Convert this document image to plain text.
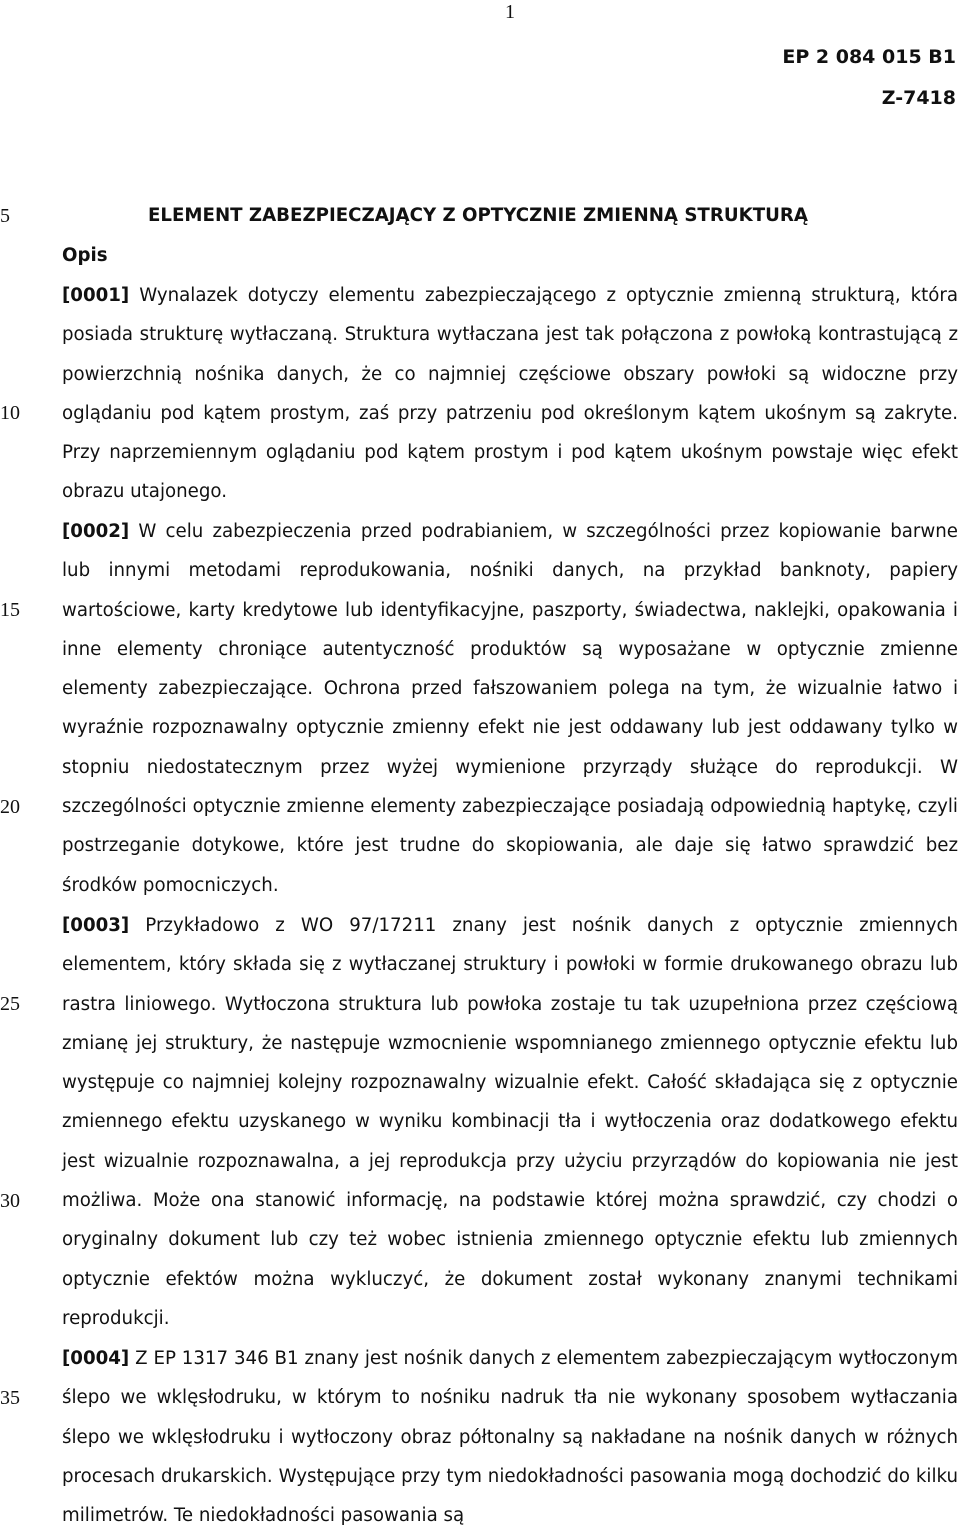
1
EP 2 084 015 B1
Z-7418
5
10
15
20
25
30
35
ELEMENT ZABEZPIECZAJĄCY Z OPTYCZNIE ZMIENNĄ STRUKTURĄ
Opis
[0001] Wynalazek dotyczy elementu zabezpieczającego z optycznie zmienną strukturą, która posiada strukturę wytłaczaną. Struktura wytłaczana jest tak połączona z powłoką kontrastującą z powierzchnią nośnika danych, że co najmniej częściowe obszary powłoki są widoczne przy oglądaniu pod kątem prostym, zaś przy patrzeniu pod określonym kątem ukośnym są zakryte. Przy naprzemiennym oglądaniu pod kątem prostym i pod kątem ukośnym powstaje więc efekt obrazu utajonego.
[0002] W celu zabezpieczenia przed podrabianiem, w szczególności przez kopiowanie barwne lub innymi metodami reprodukowania, nośniki danych, na przykład banknoty, papiery wartościowe, karty kredytowe lub identyfikacyjne, paszporty, świadectwa, naklejki, opakowania i inne elementy chroniące autentyczność produktów są wyposażane w optycznie zmienne elementy zabezpieczające. Ochrona przed fałszowaniem polega na tym, że wizualnie łatwo i wyraźnie rozpoznawalny optycznie zmienny efekt nie jest oddawany lub jest oddawany tylko w stopniu niedostatecznym przez wyżej wymienione przyrządy służące do reprodukcji. W szczególności optycznie zmienne elementy zabezpieczające posiadają odpowiednią haptykę, czyli postrzeganie dotykowe, które jest trudne do skopiowania, ale daje się łatwo sprawdzić bez środków pomocniczych.
[0003] Przykładowo z WO 97/17211 znany jest nośnik danych z optycznie zmiennych elementem, który składa się z wytłaczanej struktury i powłoki w formie drukowanego obrazu lub rastra liniowego. Wytłoczona struktura lub powłoka zostaje tu tak uzupełniona przez częściową zmianę jej struktury, że następuje wzmocnienie wspomnianego zmiennego optycznie efektu lub występuje co najmniej kolejny rozpoznawalny wizualnie efekt. Całość składająca się z optycznie zmiennego efektu uzyskanego w wyniku kombinacji tła i wytłoczenia oraz dodatkowego efektu jest wizualnie rozpoznawalna, a jej reprodukcja przy użyciu przyrządów do kopiowania nie jest możliwa. Może ona stanowić informację, na podstawie której można sprawdzić, czy chodzi o oryginalny dokument lub czy też wobec istnienia zmiennego optycznie efektu lub zmiennych optycznie efektów można wykluczyć, że dokument został wykonany znanymi technikami reprodukcji.
[0004] Z EP 1317 346 B1 znany jest nośnik danych z elementem zabezpieczającym wytłoczonym ślepo we wklęsłodruku, w którym to nośniku nadruk tła nie wykonany sposobem wytłaczania ślepo we wklęsłodruku i wytłoczony obraz półtonalny są nakładane na nośnik danych w różnych procesach drukarskich. Występujące przy tym niedokładności pasowania mogą dochodzić do kilku milimetrów. Te niedokładności pasowania są
